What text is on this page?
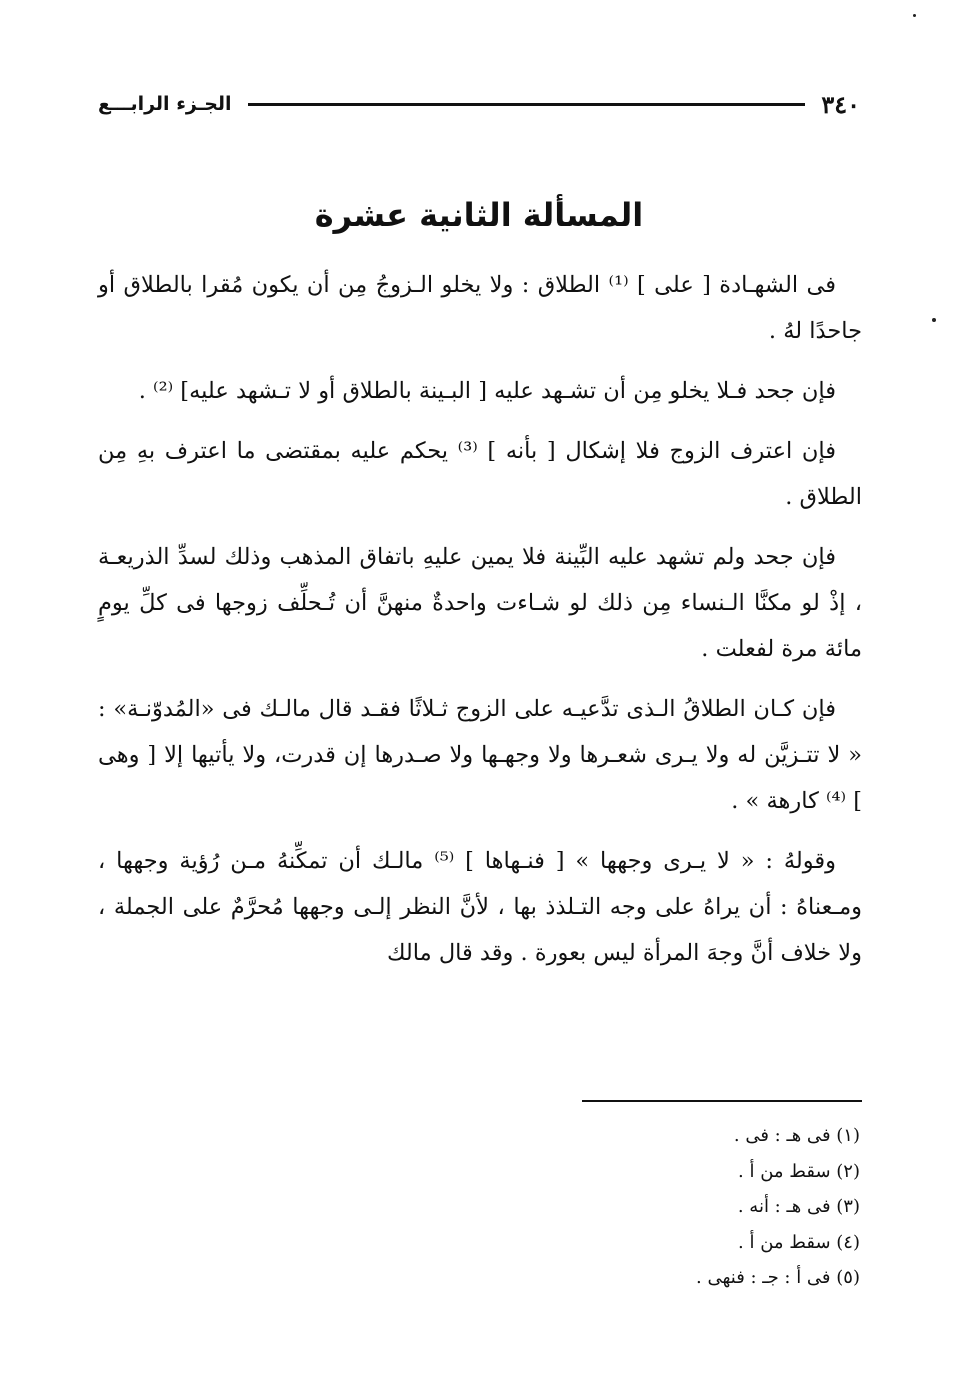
٣٤٠
الجـزء الرابـــع
المسألة الثانية عشرة

فى الشهـادة [ على ] ⁽¹⁾ الطلاق : ولا يخلو الـزوجُ مِن أن يكون مُقرا بالطلاق أو جاحدًا لهُ .

فإن جحد فـلا يخلو مِن أن تشـهد عليه [ البـينة بالطلاق أو لا تـشهد عليه] ⁽²⁾ .

فإن اعترف الزوج فلا إشكال [ بأنه ] ⁽³⁾ يحكم عليه بمقتضى ما اعترف بهِ مِن الطلاق .

فإن جحد ولم تشهد عليه البِّينة فلا يمين عليهِ باتفاق المذهب وذلك لسدِّ الذريعـة ، إذْ لو مكنَّا الـنساء مِن ذلك لو شـاءت واحدةٌ منهنَّ أن تُـحلِّف زوجها فى كلِّ يومٍ مائة مرة لفعلت .

فإن كـان الطلاقُ الـذى تدَّعيـه على الزوج ثـلاثًا فقـد قال مالـك فى «المُدوّنـة» : « لا تتـزيَّن له ولا يـرى شعـرها ولا وجهـها ولا صـدرها إن قدرت، ولا يأتيها إلا [ وهى ] ⁽⁴⁾ كارهة » .

وقولهُ : « لا يـرى وجهها » [ فنـهاها ] ⁽⁵⁾ مالـك أن تمكِّنهُ مـن رُؤية وجهها ، ومـعناهُ : أن يراهُ على وجه التـلذذ بها ، لأنَّ النظر إلـى وجهها مُحرَّمٌ على الجملة ، ولا خلاف أنَّ وجهَ المرأة ليس بعورة . وقد قال مالك

(١) فى هـ : فى .
(٢) سقط من أ .
(٣) فى هـ : أنه .
(٤) سقط من أ .
(٥) فى أ : جـ : فنهى .
